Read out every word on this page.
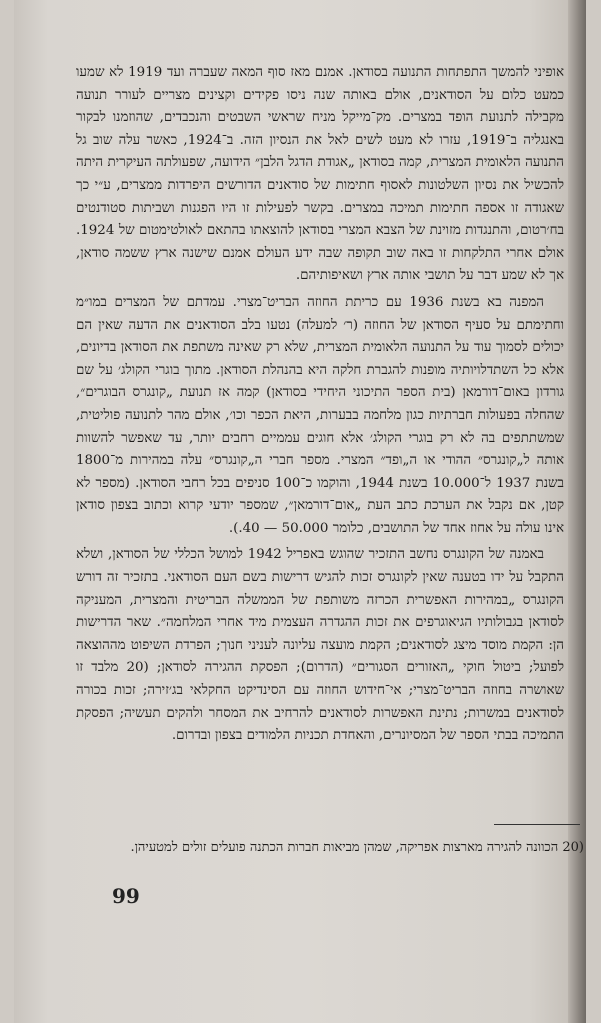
אופיני להמשך התפתחות התנועה בסודאן. אמנם מאז סוף המאה שעברה ועד 1919 לא שמעו כמעט כלום על הסודאנים, אולם באותה שנה ניסו פקידים וקצינים מצריים לעורר תנועה מקבילה לתנועת הופד במצרים. מק־מייקל מניח שראשי השבטים והנכבדים, שהוזמנו לבקור באנגליה ב־1919, עזרו לא מעט לשים לאל את הנסיון הזה. ב־1924, כאשר עלה שוב גל התנועה הלאומית המצרית, קמה בסודאן „אגודת הדגל הלבן״ הידועה, שפעולתה העיקרית היתה להכשיל את נסיון השלטונות לאסוף חתימות של סודאנים הדורשים היפרדות ממצרים, ע״י כך שאגודה זו אספה חתימות תמיכה במצרים. בקשר לפעילות זו היו הפגנות ושביתות סטודנטים בח׳רטום, והתנגדות מזוינת של הצבא המצרי בסודאן להוצאתו בהתאם לאולטימטום של 1924. אולם אחרי התלקחות זו באה שוב תקופה שבה ידע העולם אמנם שישנה ארץ ששמה סודאן, אך לא שמע דבר על תושבי אותה ארץ ושאיפותיהם.

המפנה בא בשנת 1936 עם כריתת החוזה הבריט־מצרי. עמדתם של המצרים במו״מ וחתימתם על סעיף הסודאן של החוזה (ר׳ למעלה) נטעו בלב הסודאנים את הדעה שאין הם יכולים לסמוך עוד על התנועה הלאומית המצרית, שלא רק שאינה משתפת את הסודאן בדיונים, אלא כל השתדלויותיה מופנות להגברת חלקה היא בהנהלת הסודאן. מתוך בוגרי הקולג׳ על שם גורדון באום־דורמאן (בית הספר התיכוני היחידי בסודאן) קמה אז תנועת „קונגרס הבוגרים״, שהחלה בפעולות חברתיות כגון מלחמה בבערות, היאת הכפר וכו׳, אולם מהר לתנועה פוליטית, שמשתתפים בה לא רק בוגרי הקולג׳ אלא חוגים עממיים רחבים יותר, עד שאפשר להשוות אותה ל„קונגרס״ ההודי או ה„ופד״ המצרי. מספר חברי ה„קונגרס״ עלה במהירות מ־1800 בשנת 1937 ל־10.000 בשנת 1944, והוקמו כ־100 סניפים בכל רחבי הסודאן. (מספר לא קטן, אם נקבל את הערכת כתב העת „אום־דורמאן״, שמספר יודעי קרוא וכתוב בצפון סודאן אינו עולה על אחוז אחד של התושבים, כלומר 50.000 — 40.).

באמנה של הקונגרס נחשב התזכיר שהוגש באפריל 1942 למושל הכללי של הסודאן, ושלא התקבל על ידו בטענה שאין לקונגרס זכות להגיש דרישות בשם העם הסודאני. בתזכיר זה דורש הקונגרס „במהירות האפשרית הכרזה משותפת של הממשלה הבריטית והמצרית, המעניקה לסודאן בגבולותיו הגיאוגרפים את זכות ההגדרה העצמית מיד אחרי המלחמה״. שאר הדרישות הן: הקמת מוסד מיצג לסודאנים; הקמת מועצה עליונה לעניני חנוך; הפרדת השיפוט מההוצאה לפועל; ביטול חוקי „האזורים הסגורים״ (הדרום); הפסקת ההגירה לסודאן; (20 מלבד זו שאושרה בחוזה הבריט־מצרי; אי־חידוש החוזה עם הסינדיקט החקלאי בג׳זירה; זכות בכורה לסודאנים במשרות; נתינת האפשרות לסודאנים להרחיב את המסחר ולהקים תעשיה; הפסקת התמיכה בבתי הספר של המסיונרים, והאחדת תכניות הלמודים בצפון ובדרום.

(20 הכוונה להגירה מארצות אפריקה, שמהן מביאות חברות הכתנה פועלים זולים למטעיהן.
99
